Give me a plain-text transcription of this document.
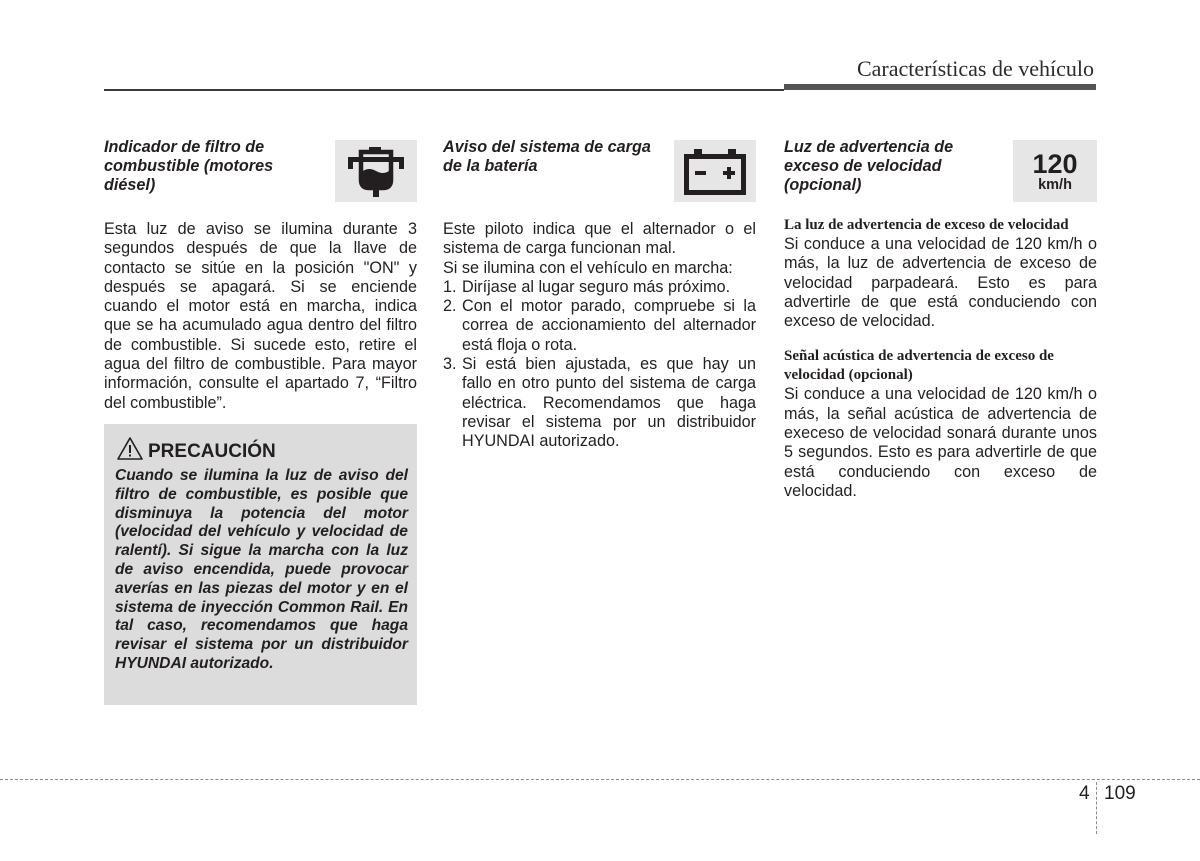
Características de vehículo
Indicador de filtro de combustible (motores diésel)

Esta luz de aviso se ilumina durante 3 segundos después de que la llave de contacto se sitúe en la posición "ON" y después se apagará. Si se enciende cuando el motor está en marcha, indica que se ha acumulado agua dentro del filtro de combustible. Si sucede esto, retire el agua del filtro de combustible. Para mayor información, consulte el apartado 7, “Filtro del combustible”.

PRECAUCIÓN
Cuando se ilumina la luz de aviso del filtro de combustible, es posible que disminuya la potencia del motor (velocidad del vehículo y velocidad de ralentí). Si sigue la marcha con la luz de aviso encendida, puede provocar averías en las piezas del motor y en el sistema de inyección Common Rail. En tal caso, recomendamos que haga revisar el sistema por un distribuidor HYUNDAI autorizado.
Aviso del sistema de carga de la batería

Este piloto indica que el alternador o el sistema de carga funcionan mal.

Si se ilumina con el vehículo en marcha:

1. Diríjase al lugar seguro más próximo.
2. Con el motor parado, compruebe si la correa de accionamiento del alternador está floja o rota.
3. Si está bien ajustada, es que hay un fallo en otro punto del sistema de carga eléctrica. Recomendamos que haga revisar el sistema por un distribuidor HYUNDAI autorizado.
Luz de advertencia de exceso de velocidad (opcional)
120
km/h
La luz de advertencia de exceso de velocidad

Si conduce a una velocidad de 120 km/h o más, la luz de advertencia de exceso de velocidad parpadeará. Esto es para advertirle de que está conduciendo con exceso de velocidad.

Señal acústica de advertencia de exceso de velocidad (opcional)

Si conduce a una velocidad de 120 km/h o más, la señal acústica de advertencia de execeso de velocidad sonará durante unos 5 segundos. Esto es para advertirle de que está conduciendo con exceso de velocidad.

4 109
